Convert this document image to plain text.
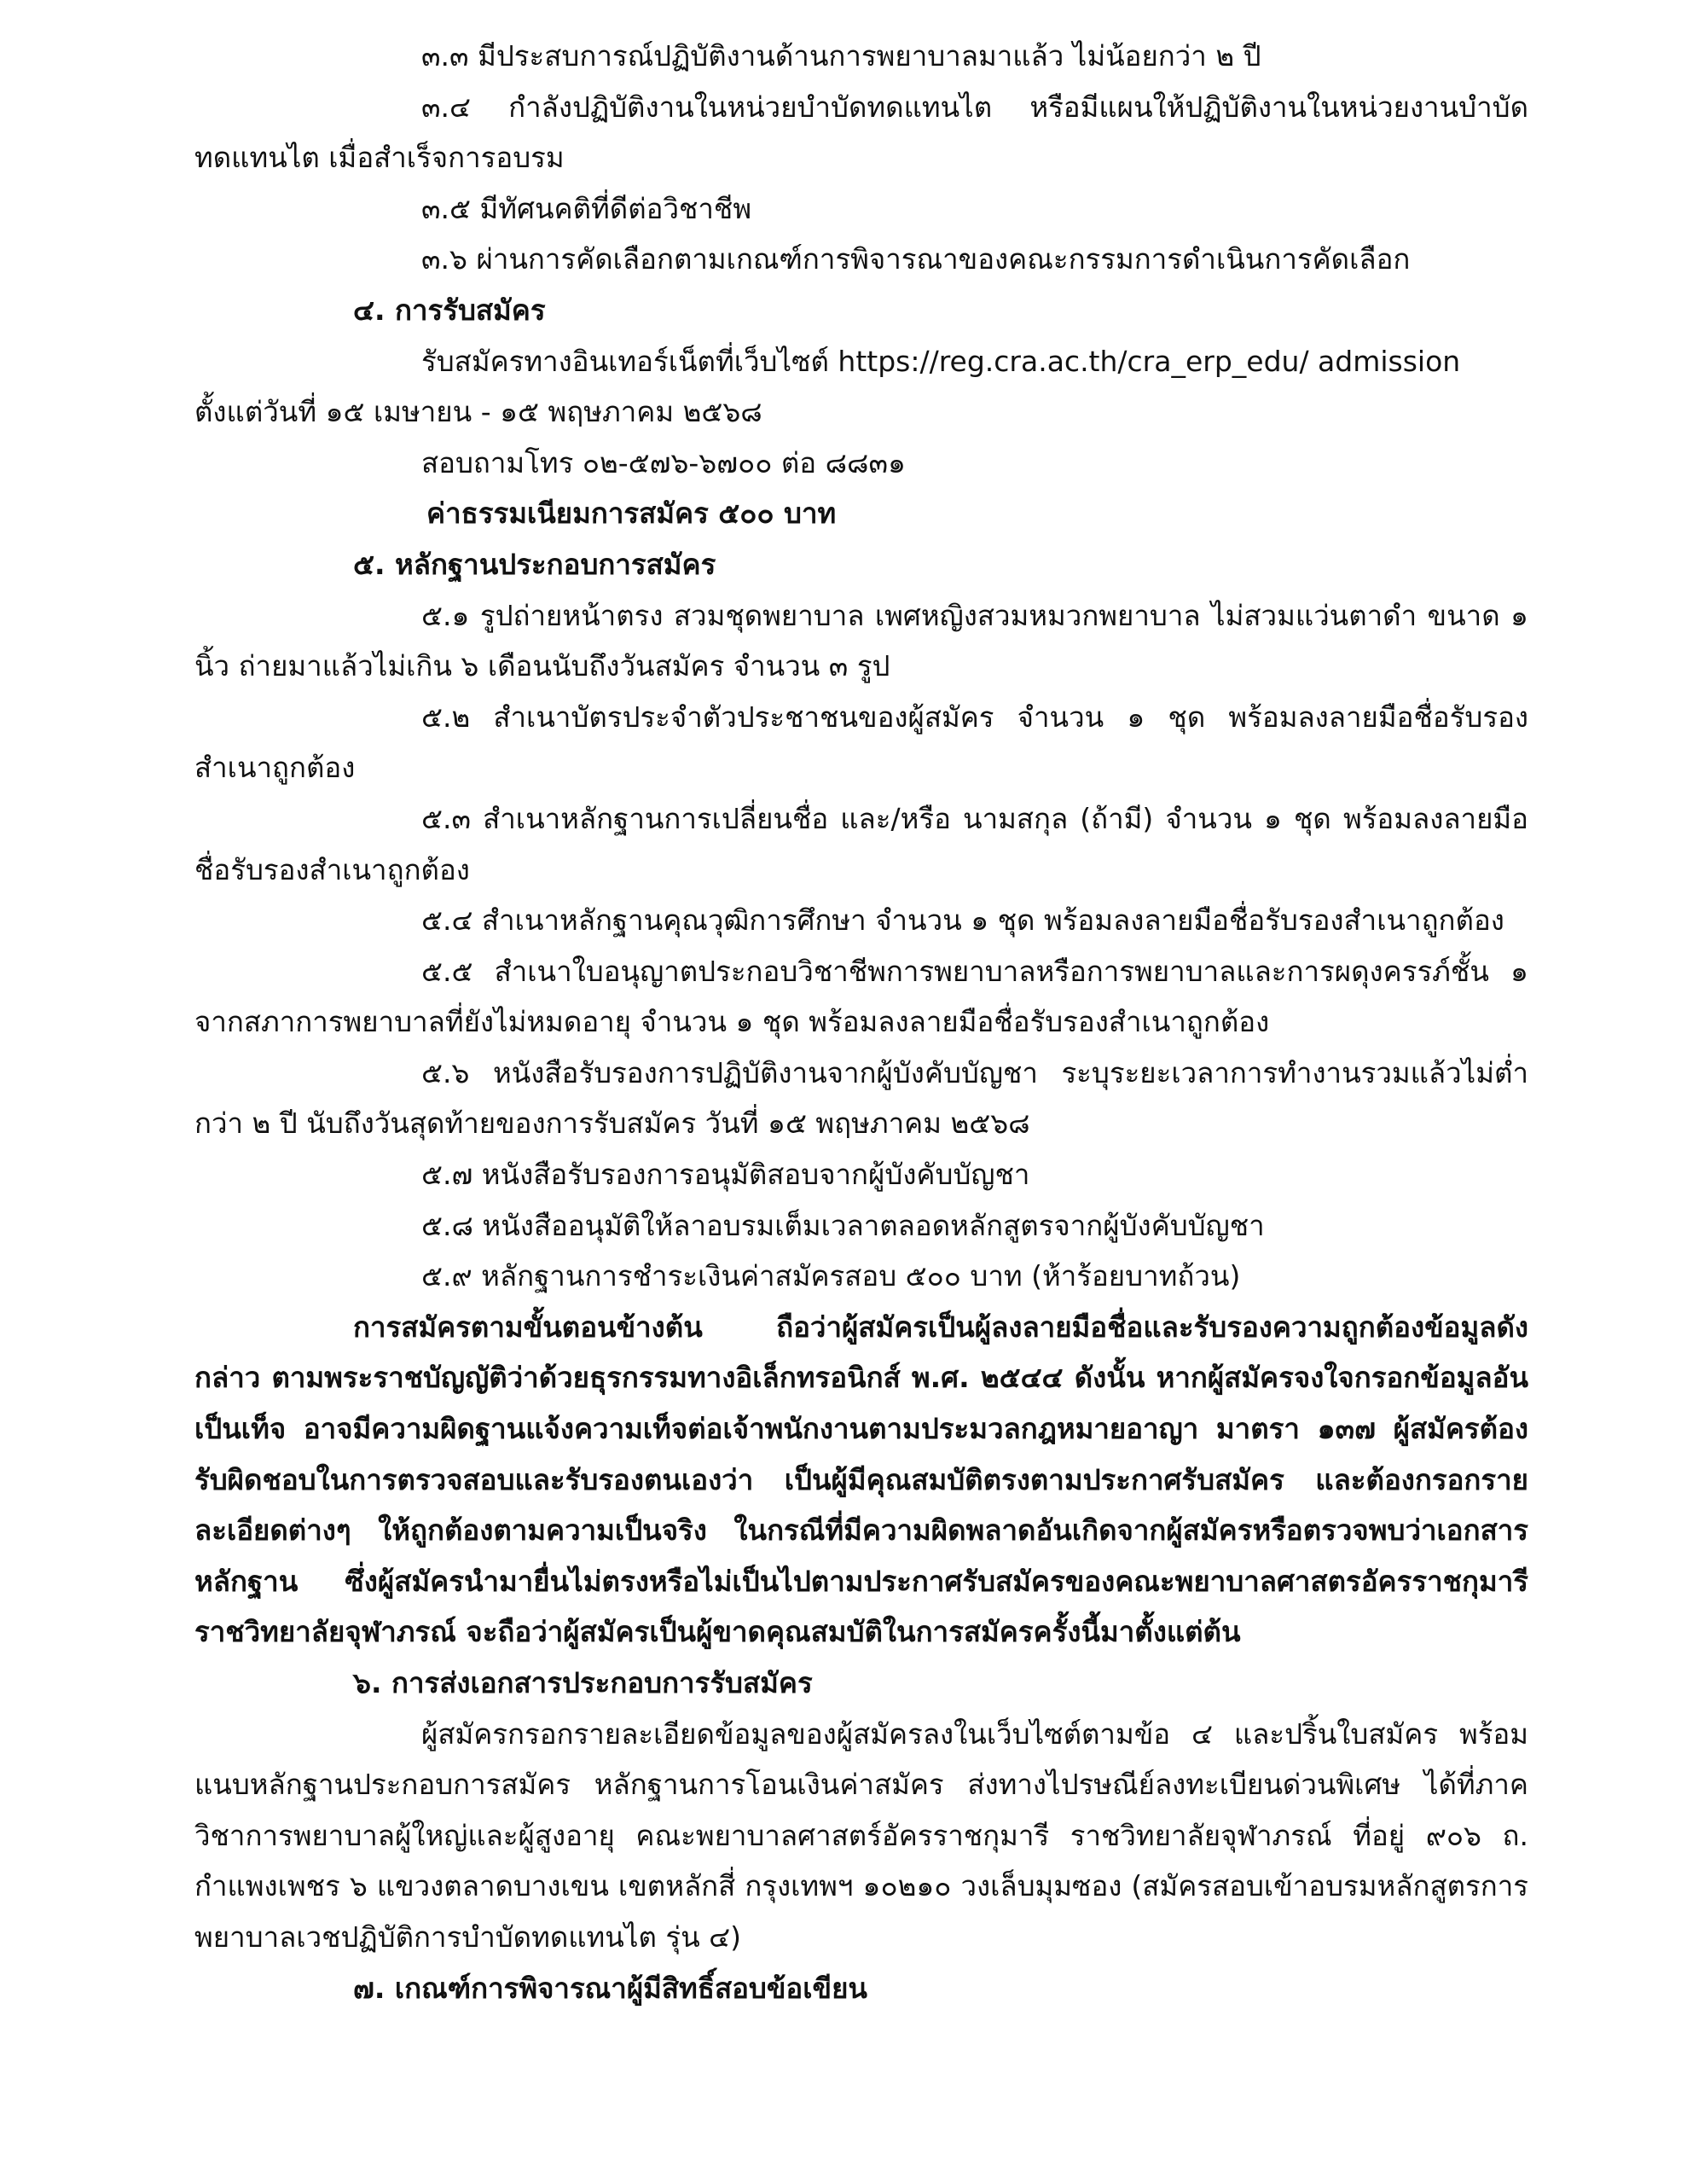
๓.๓ มีประสบการณ์ปฏิบัติงานด้านการพยาบาลมาแล้ว ไม่น้อยกว่า ๒ ปี

๓.๔ กำลังปฏิบัติงานในหน่วยบำบัดทดแทนไต หรือมีแผนให้ปฏิบัติงานในหน่วยงานบำบัดทดแทนไต เมื่อสำเร็จการอบรม

๓.๕ มีทัศนคติที่ดีต่อวิชาชีพ

๓.๖ ผ่านการคัดเลือกตามเกณฑ์การพิจารณาของคณะกรรมการดำเนินการคัดเลือก

๔. การรับสมัคร

รับสมัครทางอินเทอร์เน็ตที่เว็บไซต์ https://reg.cra.ac.th/cra_erp_edu/ admission ตั้งแต่วันที่ ๑๕ เมษายน - ๑๕ พฤษภาคม ๒๕๖๘

สอบถามโทร ๐๒-๕๗๖-๖๗๐๐ ต่อ ๘๘๓๑

ค่าธรรมเนียมการสมัคร ๕๐๐ บาท

๕. หลักฐานประกอบการสมัคร

๕.๑ รูปถ่ายหน้าตรง สวมชุดพยาบาล เพศหญิงสวมหมวกพยาบาล ไม่สวมแว่นตาดำ ขนาด ๑ นิ้ว ถ่ายมาแล้วไม่เกิน ๖ เดือนนับถึงวันสมัคร จำนวน ๓ รูป

๕.๒ สำเนาบัตรประจำตัวประชาชนของผู้สมัคร จำนวน ๑ ชุด พร้อมลงลายมือชื่อรับรองสำเนาถูกต้อง

๕.๓ สำเนาหลักฐานการเปลี่ยนชื่อ และ/หรือ นามสกุล (ถ้ามี) จำนวน ๑ ชุด พร้อมลงลายมือชื่อรับรองสำเนาถูกต้อง

๕.๔ สำเนาหลักฐานคุณวุฒิการศึกษา จำนวน ๑ ชุด พร้อมลงลายมือชื่อรับรองสำเนาถูกต้อง

๕.๕ สำเนาใบอนุญาตประกอบวิชาชีพการพยาบาลหรือการพยาบาลและการผดุงครรภ์ชั้น ๑ จากสภาการพยาบาลที่ยังไม่หมดอายุ จำนวน ๑ ชุด พร้อมลงลายมือชื่อรับรองสำเนาถูกต้อง

๕.๖ หนังสือรับรองการปฏิบัติงานจากผู้บังคับบัญชา ระบุระยะเวลาการทำงานรวมแล้วไม่ต่ำกว่า ๒ ปี นับถึงวันสุดท้ายของการรับสมัคร วันที่ ๑๕ พฤษภาคม ๒๕๖๘

๕.๗ หนังสือรับรองการอนุมัติสอบจากผู้บังคับบัญชา

๕.๘ หนังสืออนุมัติให้ลาอบรมเต็มเวลาตลอดหลักสูตรจากผู้บังคับบัญชา

๕.๙ หลักฐานการชำระเงินค่าสมัครสอบ ๕๐๐ บาท (ห้าร้อยบาทถ้วน)

การสมัครตามขั้นตอนข้างต้น ถือว่าผู้สมัครเป็นผู้ลงลายมือชื่อและรับรองความถูกต้องข้อมูลดังกล่าว ตามพระราชบัญญัติว่าด้วยธุรกรรมทางอิเล็กทรอนิกส์ พ.ศ. ๒๕๔๔ ดังนั้น หากผู้สมัครจงใจกรอกข้อมูลอันเป็นเท็จ อาจมีความผิดฐานแจ้งความเท็จต่อเจ้าพนักงานตามประมวลกฎหมายอาญา มาตรา ๑๓๗ ผู้สมัครต้องรับผิดชอบในการตรวจสอบและรับรองตนเองว่า เป็นผู้มีคุณสมบัติตรงตามประกาศรับสมัคร และต้องกรอกรายละเอียดต่างๆ ให้ถูกต้องตามความเป็นจริง ในกรณีที่มีความผิดพลาดอันเกิดจากผู้สมัครหรือตรวจพบว่าเอกสารหลักฐาน ซึ่งผู้สมัครนำมายื่นไม่ตรงหรือไม่เป็นไปตามประกาศรับสมัครของคณะพยาบาลศาสตรอัครราชกุมารีราชวิทยาลัยจุฬาภรณ์ จะถือว่าผู้สมัครเป็นผู้ขาดคุณสมบัติในการสมัครครั้งนี้มาตั้งแต่ต้น

๖. การส่งเอกสารประกอบการรับสมัคร

ผู้สมัครกรอกรายละเอียดข้อมูลของผู้สมัครลงในเว็บไซต์ตามข้อ ๔ และปริ้นใบสมัคร พร้อมแนบหลักฐานประกอบการสมัคร หลักฐานการโอนเงินค่าสมัคร ส่งทางไปรษณีย์ลงทะเบียนด่วนพิเศษ ได้ที่ภาควิชาการพยาบาลผู้ใหญ่และผู้สูงอายุ คณะพยาบาลศาสตร์อัครราชกุมารี ราชวิทยาลัยจุฬาภรณ์ ที่อยู่ ๙๐๖ ถ. กำแพงเพชร ๖ แขวงตลาดบางเขน เขตหลักสี่ กรุงเทพฯ ๑๐๒๑๐ วงเล็บมุมซอง (สมัครสอบเข้าอบรมหลักสูตรการพยาบาลเวชปฏิบัติการบำบัดทดแทนไต รุ่น ๔)

๗. เกณฑ์การพิจารณาผู้มีสิทธิ์สอบข้อเขียน
